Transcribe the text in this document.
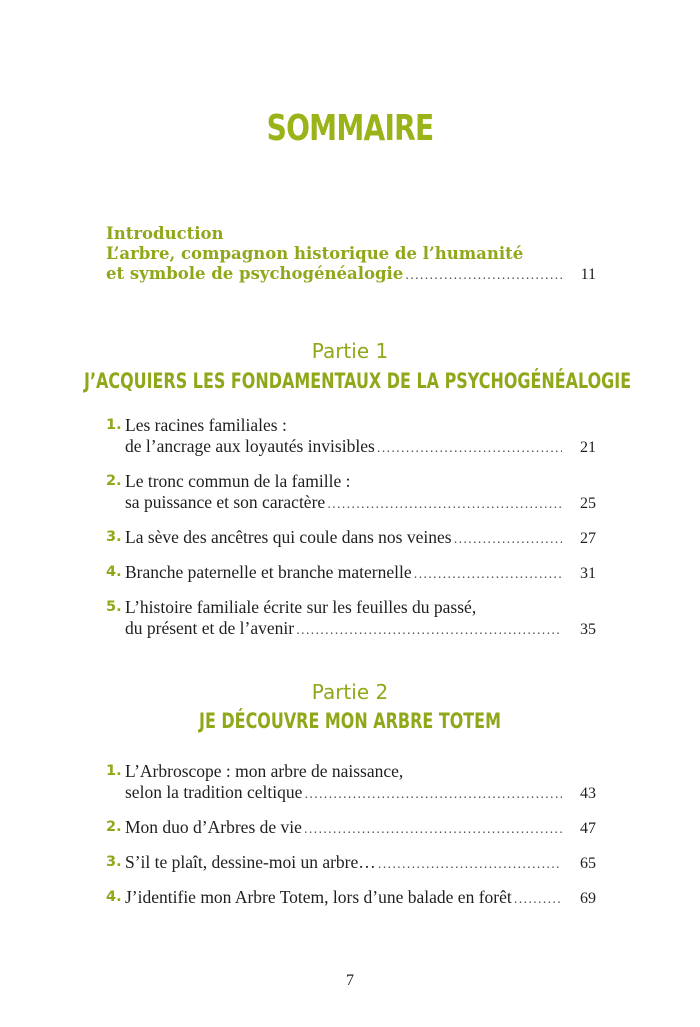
SOMMAIRE
Introduction
L’arbre, compagnon historique de l’humanité
et symbole de psychogénéalogie .....	11
Partie 1
J’ACQUIERS LES FONDAMENTAUX DE LA PSYCHOGÉNÉALOGIE
1. Les racines familiales :
de l’ancrage aux loyautés invisibles .....	21
2. Le tronc commun de la famille :
sa puissance et son caractère .....	25
3. La sève des ancêtres qui coule dans nos veines .....	27
4. Branche paternelle et branche maternelle .....	31
5. L’histoire familiale écrite sur les feuilles du passé,
du présent et de l’avenir .....	35
Partie 2
JE DÉCOUVRE MON ARBRE TOTEM
1. L’Arbroscope : mon arbre de naissance,
selon la tradition celtique .....	43
2. Mon duo d’Arbres de vie .....	47
3. S’il te plaît, dessine-moi un arbre… .....	65
4. J’identifie mon Arbre Totem, lors d’une balade en forêt .....	69
7
